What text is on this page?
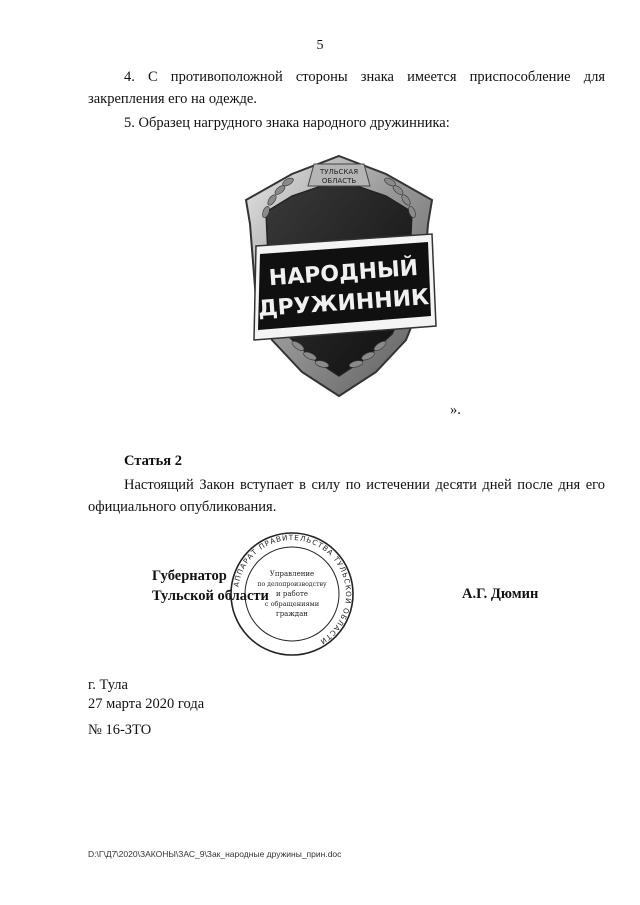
5
4. С противоположной стороны знака имеется приспособление для закрепления его на одежде.
5. Образец нагрудного знака народного дружинника:
ТУЛЬСКАЯ
ОБЛАСТЬ
НАРОДНЫЙ
ДРУЖИННИК
».
Статья 2
Настоящий Закон вступает в силу по истечении десяти дней после дня его официального опубликования.
Губернатор
Тульской области	А.Г. Дюмин
АППАРАТ ПРАВИТЕЛЬСТВА ТУЛЬСКОЙ ОБЛАСТИ
Управление
по делопроизводству
и работе
с обращениями
граждан
г. Тула
27 марта 2020 года
№ 16-ЗТО
D:\Г\Д7\2020\ЗАКОНЫ\ЗАС_9\Зак_народные дружины_прин.doc
